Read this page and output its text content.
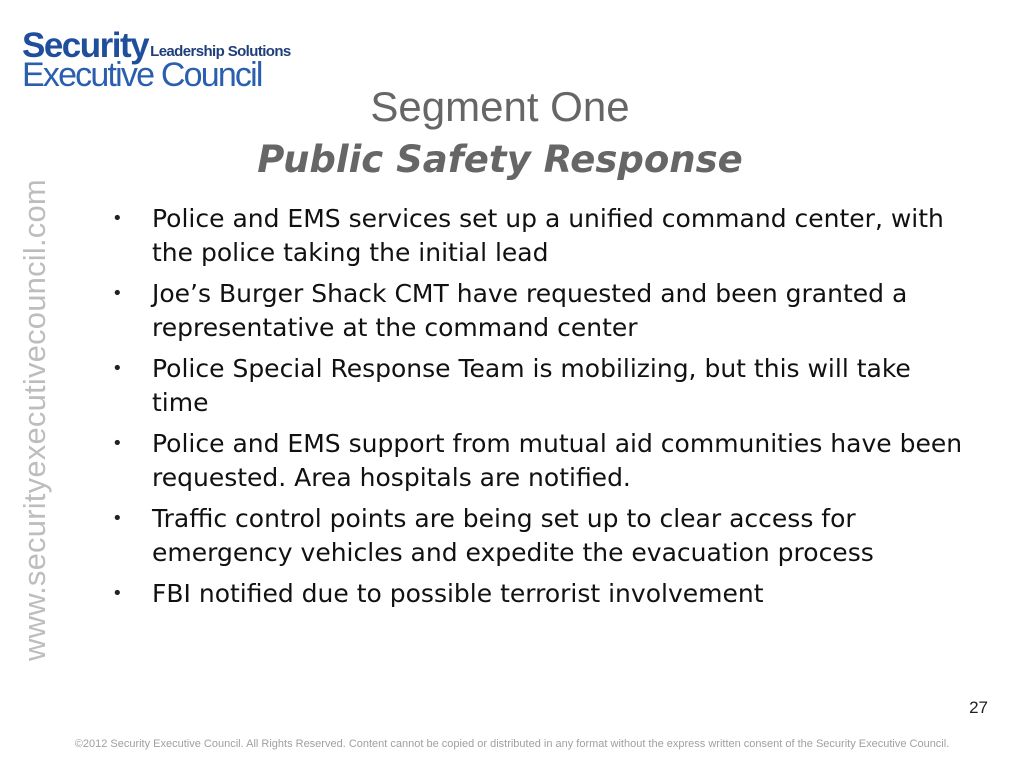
Security Leadership Solutions
Executive Council
www.securityexecutivecouncil.com
Segment One
Public Safety Response
• Police and EMS services set up a unified command center, with the police taking the initial lead
• Joe’s Burger Shack CMT have requested and been granted a representative at the command center
• Police Special Response Team is mobilizing, but this will take time
• Police and EMS support from mutual aid communities have been requested. Area hospitals are notified.
• Traffic control points are being set up to clear access for emergency vehicles and expedite the evacuation process
• FBI notified due to possible terrorist involvement
27
©2012 Security Executive Council. All Rights Reserved. Content cannot be copied or distributed in any format without the express written consent of the Security Executive Council.
